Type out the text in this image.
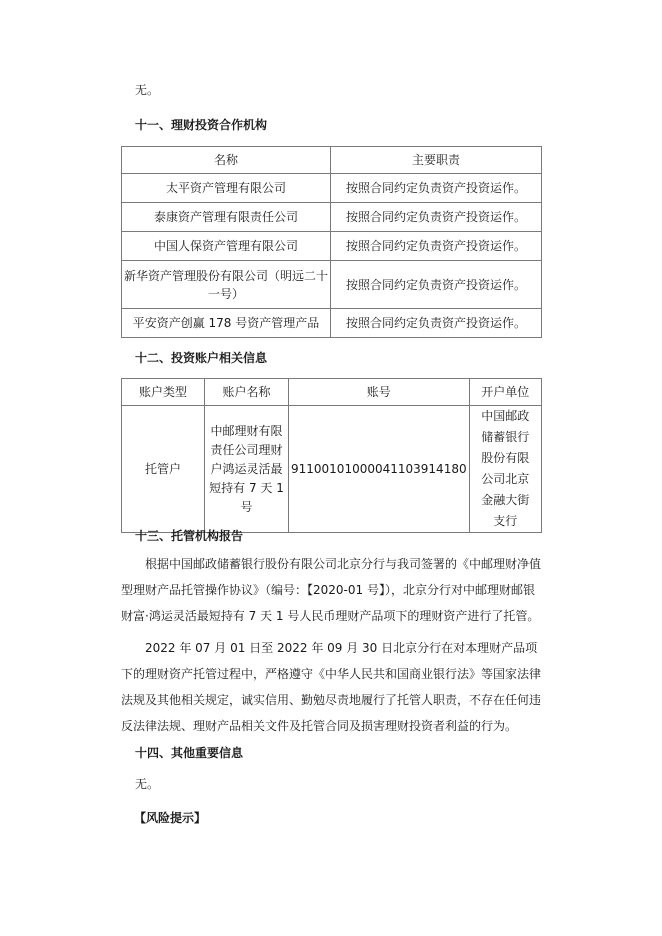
无。
十一、理财投资合作机构
名称	主要职责
太平资产管理有限公司	按照合同约定负责资产投资运作。
泰康资产管理有限责任公司	按照合同约定负责资产投资运作。
中国人保资产管理有限公司	按照合同约定负责资产投资运作。
新华资产管理股份有限公司（明远二十一号）	按照合同约定负责资产投资运作。
平安资产创赢 178 号资产管理产品	按照合同约定负责资产投资运作。
十二、投资账户相关信息
账户类型	账户名称	账号	开户单位
托管户	中邮理财有限责任公司理财户鸿运灵活最短持有 7 天 1 号	91100101000041103914180	中国邮政储蓄银行股份有限公司北京金融大街支行
十三、托管机构报告
根据中国邮政储蓄银行股份有限公司北京分行与我司签署的《中邮理财净值型理财产品托管操作协议》（编号：【2020-01 号】），北京分行对中邮理财邮银财富·鸿运灵活最短持有 7 天 1 号人民币理财产品项下的理财资产进行了托管。
2022 年 07 月 01 日至 2022 年 09 月 30 日北京分行在对本理财产品项下的理财资产托管过程中，严格遵守《中华人民共和国商业银行法》等国家法律法规及其他相关规定，诚实信用、勤勉尽责地履行了托管人职责，不存在任何违反法律法规、理财产品相关文件及托管合同及损害理财投资者利益的行为。
十四、其他重要信息
无。
【风险提示】
